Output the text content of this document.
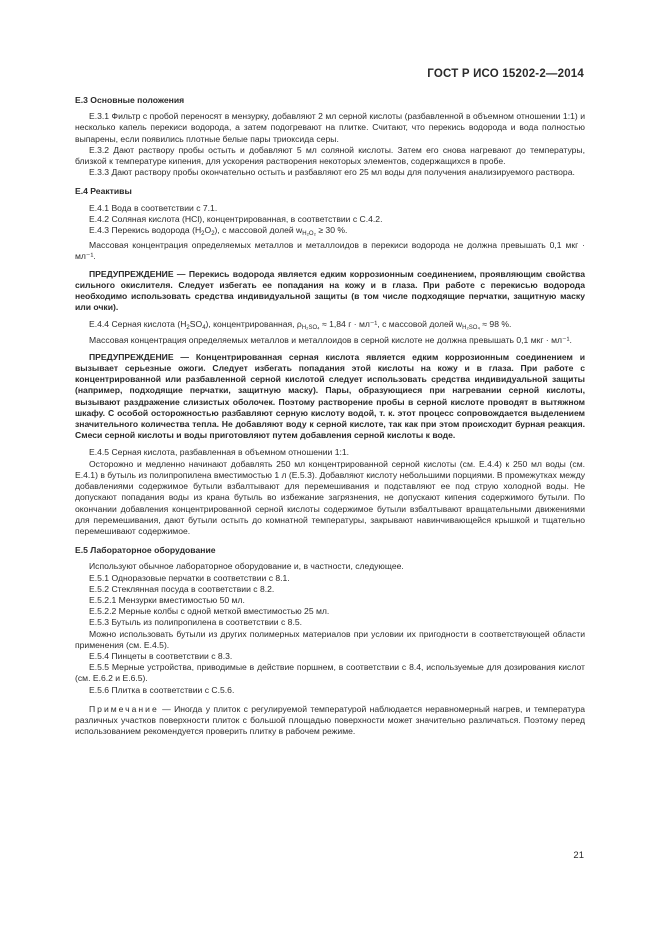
ГОСТ Р ИСО 15202-2—2014

Е.3 Основные положения

Е.3.1 Фильтр с пробой переносят в мензурку, добавляют 2 мл серной кислоты (разбавленной в объемном отношении 1:1) и несколько капель перекиси водорода, а затем подогревают на плитке. Считают, что перекись водорода и вода полностью выпарены, если появились плотные белые пары триоксида серы.

Е.3.2 Дают раствору пробы остыть и добавляют 5 мл соляной кислоты. Затем его снова нагревают до температуры, близкой к температуре кипения, для ускорения растворения некоторых элементов, содержащихся в пробе.

Е.3.3 Дают раствору пробы окончательно остыть и разбавляют его 25 мл воды для получения анализируемого раствора.

Е.4 Реактивы

Е.4.1 Вода в соответствии с 7.1.

Е.4.2 Соляная кислота (HCl), концентрированная, в соответствии с С.4.2.

Е.4.3 Перекись водорода $(H_2O_2)$, с массовой долей $w_{H_2O_2} \ge 30$ %.

Массовая концентрация определяемых металлов и металлоидов в перекиси водорода не должна превышать 0,1 мкг · мл⁻¹.

ПРЕДУПРЕЖДЕНИЕ — Перекись водорода является едким коррозионным соединением, проявляющим свойства сильного окислителя. Следует избегать ее попадания на кожу и в глаза. При работе с перекисью водорода необходимо использовать средства индивидуальной защиты (в том числе подходящие перчатки, защитную маску или очки).

Е.4.4 Серная кислота $(H_2SO_4)$, концентрированная, $\rho_{H_2SO_4} \approx 1,84$ г · мл⁻¹, с массовой долей $w_{H_2SO_4} \approx 98$ %.

Массовая концентрация определяемых металлов и металлоидов в серной кислоте не должна превышать 0,1 мкг · мл⁻¹.

ПРЕДУПРЕЖДЕНИЕ — Концентрированная серная кислота является едким коррозионным соединением и вызывает серьезные ожоги. Следует избегать попадания этой кислоты на кожу и в глаза. При работе с концентрированной или разбавленной серной кислотой следует использовать средства индивидуальной защиты (например, подходящие перчатки, защитную маску). Пары, образующиеся при нагревании серной кислоты, вызывают раздражение слизистых оболочек. Поэтому растворение пробы в серной кислоте проводят в вытяжном шкафу. С особой осторожностью разбавляют серную кислоту водой, т. к. этот процесс сопровождается выделением значительного количества тепла. Не добавляют воду к серной кислоте, так как при этом происходит бурная реакция. Смеси серной кислоты и воды приготовляют путем добавления серной кислоты к воде.

Е.4.5 Серная кислота, разбавленная в объемном отношении 1:1.

Осторожно и медленно начинают добавлять 250 мл концентрированной серной кислоты (см. Е.4.4) к 250 мл воды (см. Е.4.1) в бутыль из полипропилена вместимостью 1 л (Е.5.3). Добавляют кислоту небольшими порциями. В промежутках между добавлениями содержимое бутыли взбалтывают для перемешивания и подставляют ее под струю холодной воды. Не допускают попадания воды из крана бутыль во избежание загрязнения, не допускают кипения содержимого бутыли. По окончании добавления концентрированной серной кислоты содержимое бутыли взбалтывают вращательными движениями для перемешивания, дают бутыли остыть до комнатной температуры, закрывают навинчивающейся крышкой и тщательно перемешивают содержимое.

Е.5 Лабораторное оборудование

Используют обычное лабораторное оборудование и, в частности, следующее.

Е.5.1 Одноразовые перчатки в соответствии с 8.1.

Е.5.2 Стеклянная посуда в соответствии с 8.2.

Е.5.2.1 Мензурки вместимостью 50 мл.

Е.5.2.2 Мерные колбы с одной меткой вместимостью 25 мл.

Е.5.3 Бутыль из полипропилена в соответствии с 8.5.

Можно использовать бутыли из других полимерных материалов при условии их пригодности в соответствующей области применения (см. Е.4.5).

Е.5.4 Пинцеты в соответствии с 8.3.

Е.5.5 Мерные устройства, приводимые в действие поршнем, в соответствии с 8.4, используемые для дозирования кислот (см. Е.6.2 и Е.6.5).

Е.5.6 Плитка в соответствии с С.5.6.

Примечание — Иногда у плиток с регулируемой температурой наблюдается неравномерный нагрев, и температура различных участков поверхности плиток с большой площадью поверхности может значительно различаться. Поэтому перед использованием рекомендуется проверить плитку в рабочем режиме.

21
